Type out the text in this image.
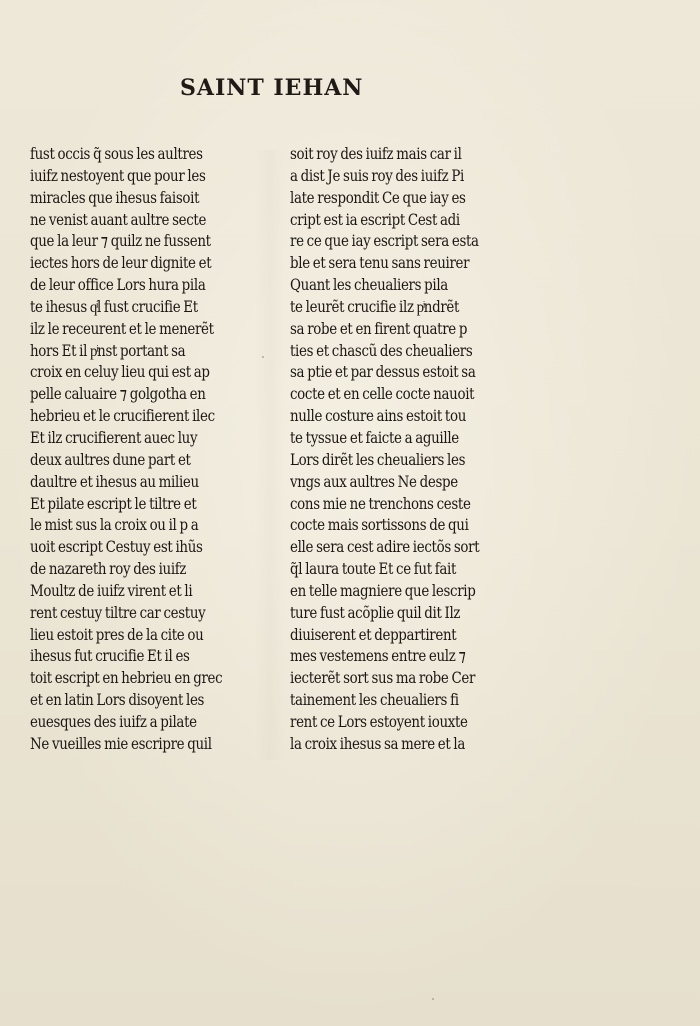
SAINT IEHAN
fust occis q̃ sous les aultres
iuifz nestoyent que pour les
miracles que ihesus faisoit
ne venist auant aultre secte
que la leur ⁊ quilz ne fussent
iectes hors de leur dignite et
de leur office Lors hura pila
te ihesus qͥl fust crucifie Et
ilz le receurent et le menerẽt
hors Et il pͥnst portant sa
croix en celuy lieu qui est ap
pelle caluaire ⁊ golgotha en
hebrieu et le crucifierent ilec
Et ilz crucifierent auec luy
deux aultres dune part et
daultre et ihesus au milieu
Et pilate escript le tiltre et
le mist sus la croix ou il p a
uoit escript Cestuy est ihũs
de nazareth roy des iuifz
Moultz de iuifz virent et li
rent cestuy tiltre car cestuy
lieu estoit pres de la cite ou
ihesus fut crucifie Et il es
toit escript en hebrieu en grec
et en latin Lors disoyent les
euesques des iuifz a pilate
Ne vueilles mie escripre quil
soit roy des iuifz mais car il
a dist Je suis roy des iuifz Pi
late respondit Ce que iay es
cript est ia escript Cest adi
re ce que iay escript sera esta
ble et sera tenu sans reuirer
Quant les cheualiers pila
te leurẽt crucifie ilz pͥndrẽt
sa robe et en firent quatre p
ties et chascũ des cheualiers
sa ptie et par dessus estoit sa
cocte et en celle cocte nauoit
nulle costure ains estoit tou
te tyssue et faicte a aguille
Lors dirẽt les cheualiers les
vngs aux aultres Ne despe
cons mie ne trenchons ceste
cocte mais sortissons de qui
elle sera cest adire iectõs sort
q̃l laura toute Et ce fut fait
en telle magniere que lescrip
ture fust acõplie quil dit Ilz
diuiserent et deppartirent
mes vestemens entre eulz ⁊
iecterẽt sort sus ma robe Cer
tainement les cheualiers fi
rent ce Lors estoyent iouxte
la croix ihesus sa mere et la
